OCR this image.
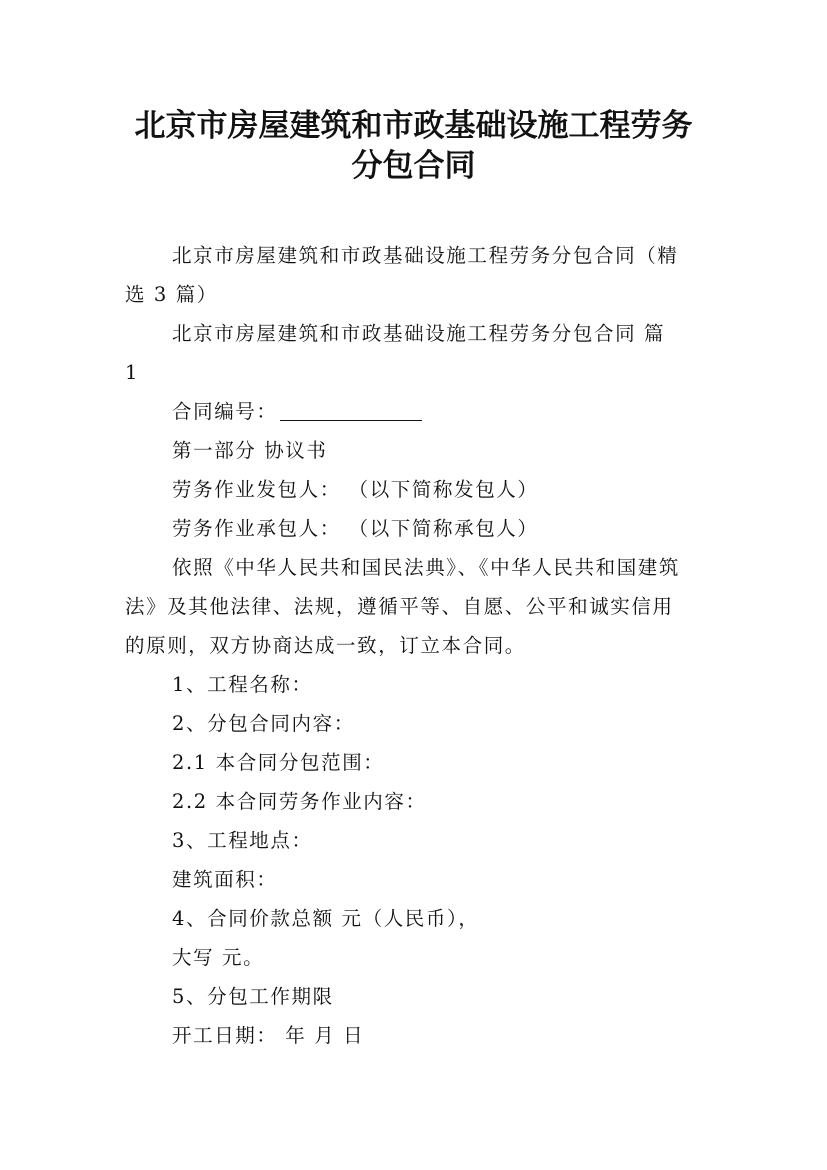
北京市房屋建筑和市政基础设施工程劳务
分包合同
北京市房屋建筑和市政基础设施工程劳务分包合同（精
选 3 篇）
北京市房屋建筑和市政基础设施工程劳务分包合同 篇
1
合同编号：
第一部分 协议书
劳务作业发包人： （以下简称发包人）
劳务作业承包人： （以下简称承包人）
依照《中华人民共和国民法典》、《中华人民共和国建筑
法》及其他法律、法规，遵循平等、自愿、公平和诚实信用
的原则，双方协商达成一致，订立本合同。
1、工程名称：
2、分包合同内容：
2.1 本合同分包范围：
2.2 本合同劳务作业内容：
3、工程地点：
建筑面积：
4、合同价款总额 元（人民币），
大写 元。
5、分包工作期限
开工日期： 年 月 日
